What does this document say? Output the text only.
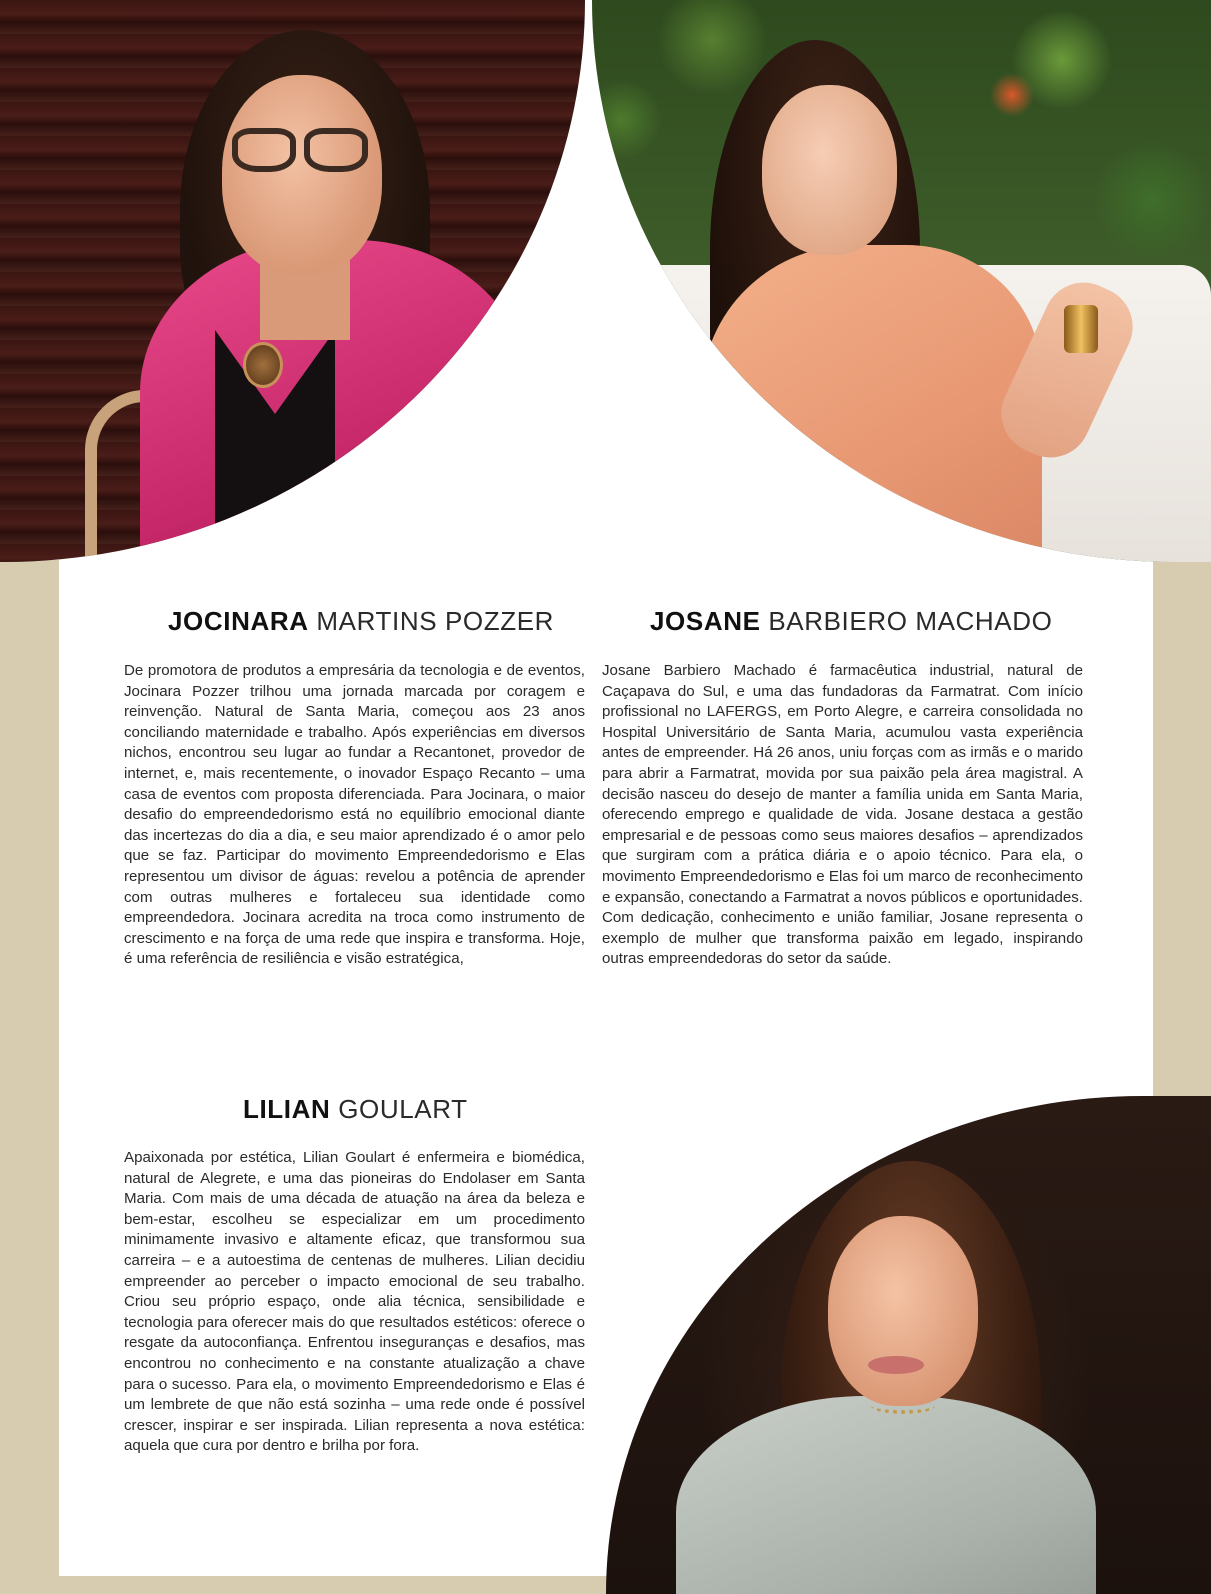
JOCINARA MARTINS POZZER

De promotora de produtos a empresária da tecnologia e de eventos, Jocinara Pozzer trilhou uma jornada marcada por coragem e reinvenção. Natural de Santa Maria, começou aos 23 anos conciliando maternidade e trabalho. Após experiências em diversos nichos, encontrou seu lugar ao fundar a Recantonet, provedor de internet, e, mais recentemente, o inovador Espaço Recanto – uma casa de eventos com proposta diferenciada. Para Jocinara, o maior desafio do empreendedorismo está no equilíbrio emocional diante das incertezas do dia a dia, e seu maior aprendizado é o amor pelo que se faz. Participar do movimento Empreendedorismo e Elas representou um divisor de águas: revelou a potência de aprender com outras mulheres e fortaleceu sua identidade como empreendedora. Jocinara acredita na troca como instrumento de crescimento e na força de uma rede que inspira e transforma. Hoje, é uma referência de resiliência e visão estratégica,

JOSANE BARBIERO MACHADO

Josane Barbiero Machado é farmacêutica industrial, natural de Caçapava do Sul, e uma das fundadoras da Farmatrat. Com início profissional no LAFERGS, em Porto Alegre, e carreira consolidada no Hospital Universitário de Santa Maria, acumulou vasta experiência antes de empreender. Há 26 anos, uniu forças com as irmãs e o marido para abrir a Farmatrat, movida por sua paixão pela área magistral. A decisão nasceu do desejo de manter a família unida em Santa Maria, oferecendo emprego e qualidade de vida. Josane destaca a gestão empresarial e de pessoas como seus maiores desafios – aprendizados que surgiram com a prática diária e o apoio técnico. Para ela, o movimento Empreendedorismo e Elas foi um marco de reconhecimento e expansão, conectando a Farmatrat a novos públicos e oportunidades. Com dedicação, conhecimento e união familiar, Josane representa o exemplo de mulher que transforma paixão em legado, inspirando outras empreendedoras do setor da saúde.

LILIAN GOULART

Apaixonada por estética, Lilian Goulart é enfermeira e biomédica, natural de Alegrete, e uma das pioneiras do Endolaser em Santa Maria. Com mais de uma década de atuação na área da beleza e bem-estar, escolheu se especializar em um procedimento minimamente invasivo e altamente eficaz, que transformou sua carreira – e a autoestima de centenas de mulheres. Lilian decidiu empreender ao perceber o impacto emocional de seu trabalho. Criou seu próprio espaço, onde alia técnica, sensibilidade e tecnologia para oferecer mais do que resultados estéticos: oferece o resgate da autoconfiança. Enfrentou inseguranças e desafios, mas encontrou no conhecimento e na constante atualização a chave para o sucesso. Para ela, o movimento Empreendedorismo e Elas é um lembrete de que não está sozinha – uma rede onde é possível crescer, inspirar e ser inspirada. Lilian representa a nova estética: aquela que cura por dentro e brilha por fora.
